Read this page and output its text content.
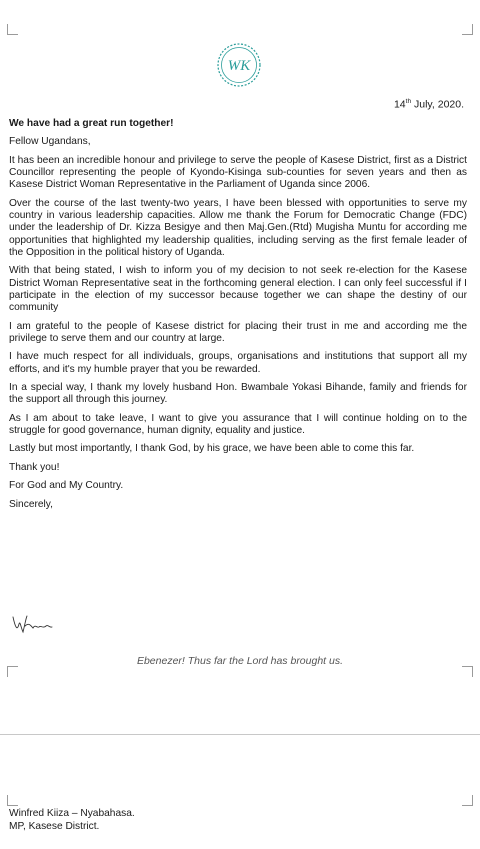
WK
14th July, 2020.

We have had a great run together!

Fellow Ugandans,

It has been an incredible honour and privilege to serve the people of Kasese District, first as a District Councillor representing the people of Kyondo-Kisinga sub-counties for seven years and then as Kasese District Woman Representative in the Parliament of Uganda since 2006.

Over the course of the last twenty-two years, I have been blessed with opportunities to serve my country in various leadership capacities. Allow me thank the Forum for Democratic Change (FDC) under the leadership of Dr. Kizza Besigye and then Maj.Gen.(Rtd) Mugisha Muntu for according me opportunities that highlighted my leadership qualities, including serving as the first female leader of the Opposition in the political history of Uganda.

With that being stated, I wish to inform you of my decision to not seek re-election for the Kasese District Woman Representative seat in the forthcoming general election. I can only feel successful if I participate in the election of my successor because together we can shape the destiny of our community

I am grateful to the people of Kasese district for placing their trust in me and according me the privilege to serve them and our country at large.

I have much respect for all individuals, groups, organisations and institutions that support all my efforts, and it's my humble prayer that you be rewarded.

In a special way, I thank my lovely husband Hon. Bwambale Yokasi Bihande, family and friends for the support all through this journey.

As I am about to take leave, I want to give you assurance that I will continue holding on to the struggle for good governance, human dignity, equality and justice.

Lastly but most importantly, I thank God, by his grace, we have been able to come this far.

Thank you!

For God and My Country.

Sincerely,

Ebenezer! Thus far the Lord has brought us.
Winfred Kiiza – Nyabahasa.
MP, Kasese District.
